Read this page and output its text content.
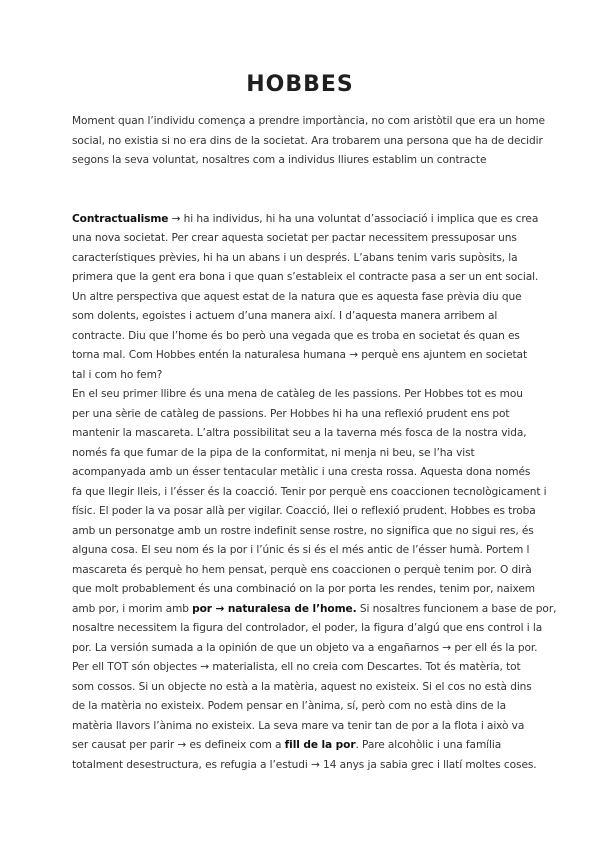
HOBBES

Moment quan l’individu comença a prendre importància, no com aristòtil que era un home
social, no existia si no era dins de la societat. Ara trobarem una persona que ha de decidir
segons la seva voluntat, nosaltres com a individus lliures establim un contracte

Contractualisme → hi ha individus, hi ha una voluntat d’associació i implica que es crea
una nova societat. Per crear aquesta societat per pactar necessitem pressuposar uns
característiques prèvies, hi ha un abans i un després. L’abans tenim varis supòsits, la
primera que la gent era bona i que quan s’estableix el contracte pasa a ser un ent social.
Un altre perspectiva que aquest estat de la natura que es aquesta fase prèvia diu que
som dolents, egoistes i actuem d’una manera així. I d’aquesta manera arribem al
contracte. Diu que l’home és bo però una vegada que es troba en societat és quan es
torna mal. Com Hobbes entén la naturalesa humana → perquè ens ajuntem en societat
tal i com ho fem?

En el seu primer llibre és una mena de catàleg de les passions. Per Hobbes tot es mou
per una sèrie de catàleg de passions. Per Hobbes hi ha una reflexió prudent ens pot
mantenir la mascareta. L’altra possibilitat seu a la taverna més fosca de la nostra vida,
només fa que fumar de la pipa de la conformitat, ni menja ni beu, se l’ha vist
acompanyada amb un ésser tentacular metàlic i una cresta rossa. Aquesta dona només
fa que llegir lleis, i l’ésser és la coacció. Tenir por perquè ens coaccionen tecnològicament i
físic. El poder la va posar allà per vigilar. Coacció, llei o reflexió prudent. Hobbes es troba
amb un personatge amb un rostre indefinit sense rostre, no significa que no sigui res, és
alguna cosa. El seu nom és la por i l’únic és si és el més antic de l’ésser humà. Portem l
mascareta és perquè ho hem pensat, perquè ens coaccionen o perquè tenim por. O dirà
que molt probablement és una combinació on la por porta les rendes, tenim por, naixem
amb por, i morim amb por → naturalesa de l’home. Si nosaltres funcionem a base de por,
nosaltre necessitem la figura del controlador, el poder, la figura d’algú que ens control i la
por. La versión sumada a la opinión de que un objeto va a engañarnos → per ell és la por.
Per ell TOT són objectes → materialista, ell no creia com Descartes. Tot és matèria, tot
som cossos. Si un objecte no està a la matèria, aquest no existeix. Si el cos no està dins
de la matèria no existeix. Podem pensar en l’ànima, sí, però com no està dins de la
matèria llavors l’ànima no existeix. La seva mare va tenir tan de por a la flota i això va
ser causat per parir → es defineix com a fill de la por. Pare alcohòlic i una família
totalment desestructura, es refugia a l’estudi → 14 anys ja sabia grec i llatí moltes coses.
